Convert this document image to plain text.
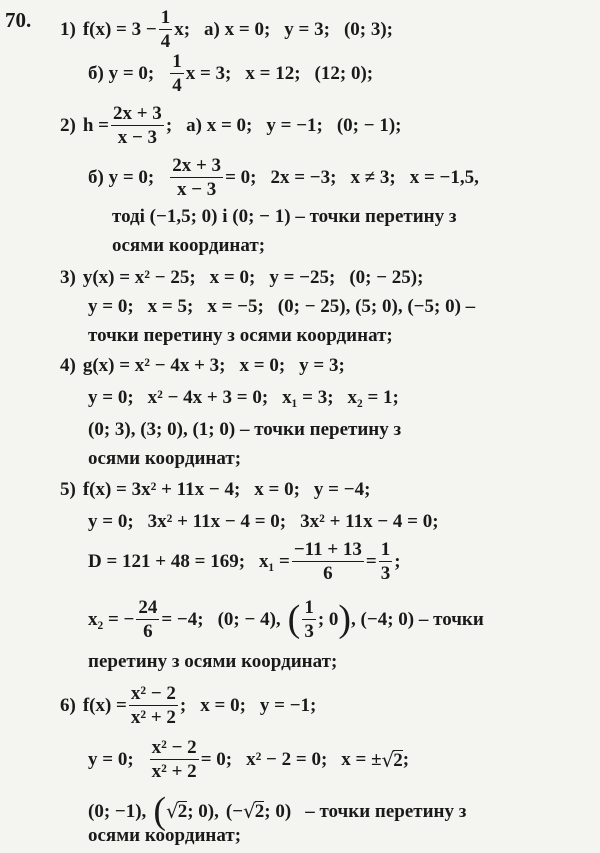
70. 1) $f(x) = 3 - \frac{1}{4} x$; а) x = 0; y = 3; (0; 3);
б) y = 0;
1
4
x = 3; x = 12; (12; 0);
2) $h = \frac{2x + 3}{x - 3}$ ; а) x = 0; y = −1; (0; − 1);
б) y = 0; $\frac{2x + 3}{x - 3} = 0$; 2x = −3; x ≠ 3; x = −1,5,
тоді (−1,5; 0) і (0; − 1) – точки перетину з
осями координат;
3) y(x) = x² − 25; x = 0; y = −25; (0; − 25);
y = 0; x = 5; x = −5; (0; − 25), (5; 0), (−5; 0) –
точки перетину з осями координат;
4) g(x) = x² − 4x + 3; x = 0; y = 3;
y = 0; x² − 4x + 3 = 0; x₁ = 3; x₂ = 1;
(0; 3), (3; 0), (1; 0) – точки перетину з
осями координат;
5) f(x) = 3x² + 11x − 4; x = 0; y = −4;
y = 0; 3x² + 11x − 4 = 0; 3x² + 11x − 4 = 0;
D = 121 + 48 = 169; $x_1 = \frac{-11 + 13}{6} = \frac{1}{3}$ ;
x₂ = − $\frac{24}{6} = -4$; (0; − 4), ( 1
3
; 0 ) , (−4; 0) – точки
перетину з осями координат;
6) $f(x) = \frac{\text{x² − 2}}{\text{x² + 2}}$ ; x = 0; y = −1;
y = 0; $\frac{\text{x² − 2}}{\text{x² + 2}} = 0$; x² − 2 = 0; x = ± √ 2 ;
(0; −1), ( √ 2 ; 0), (− √ 2 ; 0) – точки перетину з
осями координат;
